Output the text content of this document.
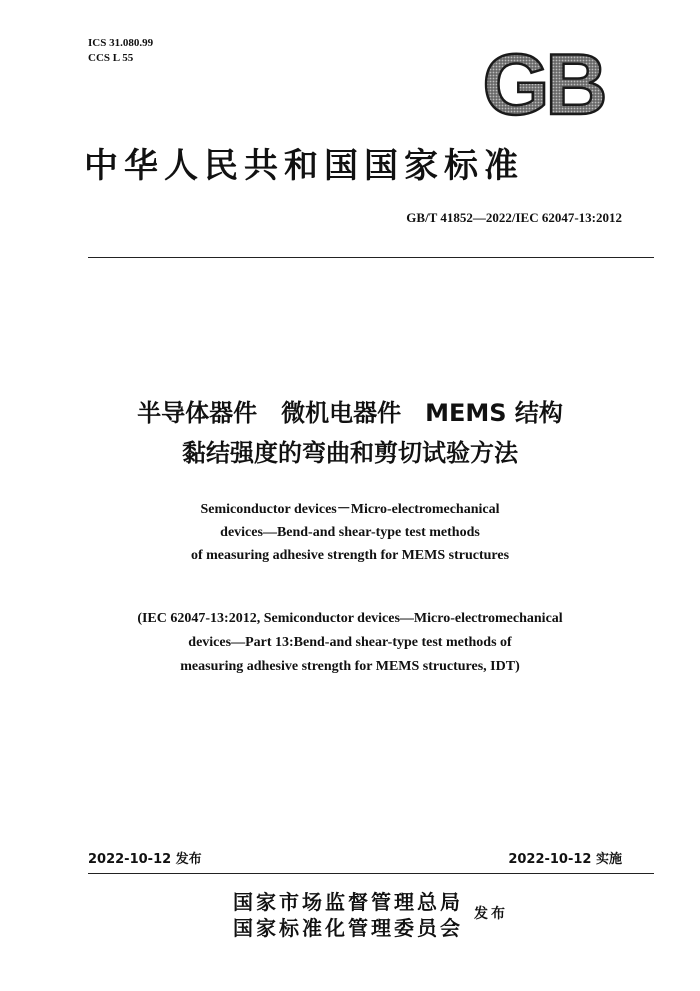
ICS 31.080.99
CCS L 55	GB
中华人民共和国国家标准
GB/T 41852—2022/IEC 62047-13:2012
半导体器件　微机电器件　MEMS 结构
黏结强度的弯曲和剪切试验方法
Semiconductor devices－Micro-electromechanical
devices—Bend-and shear-type test methods
of measuring adhesive strength for MEMS structures
(IEC 62047-13:2012, Semiconductor devices—Micro-electromechanical
devices—Part 13:Bend-and shear-type test methods of
measuring adhesive strength for MEMS structures, IDT)
2022-10-12 发布	2022-10-12 实施
国家市场监督管理总局
国家标准化管理委员会
发布
